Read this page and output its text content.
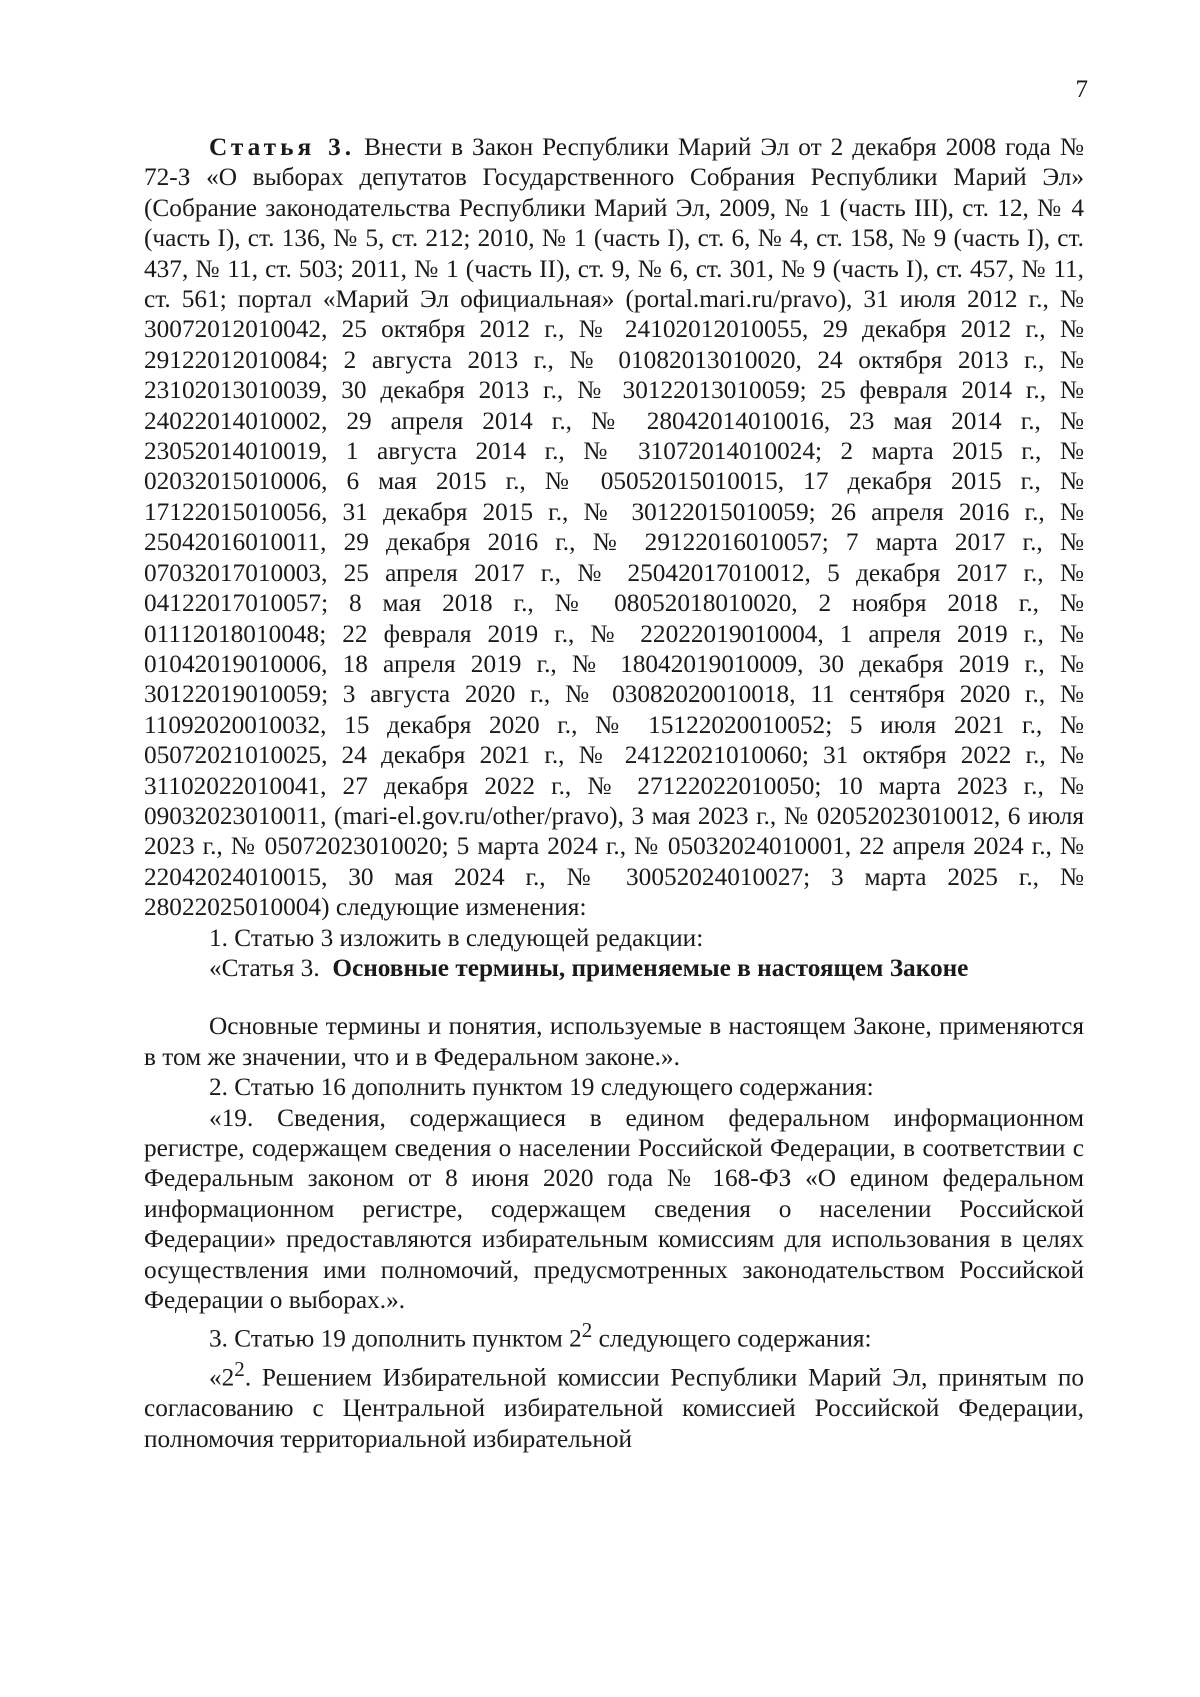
7

Статья 3. Внести в Закон Республики Марий Эл от 2 декабря 2008 года № 72-З «О выборах депутатов Государственного Собрания Республики Марий Эл» (Собрание законодательства Республики Марий Эл, 2009, № 1 (часть III), ст. 12, № 4 (часть I), ст. 136, № 5, ст. 212; 2010, № 1 (часть I), ст. 6, № 4, ст. 158, № 9 (часть I), ст. 437, № 11, ст. 503; 2011, № 1 (часть II), ст. 9, № 6, ст. 301, № 9 (часть I), ст. 457, № 11, ст. 561; портал «Марий Эл официальная» (portal.mari.ru/pravo), 31 июля 2012 г., № 30072012010042, 25 октября 2012 г., № 24102012010055, 29 декабря 2012 г., № 29122012010084; 2 августа 2013 г., № 01082013010020, 24 октября 2013 г., № 23102013010039, 30 декабря 2013 г., № 30122013010059; 25 февраля 2014 г., № 24022014010002, 29 апреля 2014 г., № 28042014010016, 23 мая 2014 г., № 23052014010019, 1 августа 2014 г., № 31072014010024; 2 марта 2015 г., № 02032015010006, 6 мая 2015 г., № 05052015010015, 17 декабря 2015 г., № 17122015010056, 31 декабря 2015 г., № 30122015010059; 26 апреля 2016 г., № 25042016010011, 29 декабря 2016 г., № 29122016010057; 7 марта 2017 г., № 07032017010003, 25 апреля 2017 г., № 25042017010012, 5 декабря 2017 г., № 04122017010057; 8 мая 2018 г., № 08052018010020, 2 ноября 2018 г., № 01112018010048; 22 февраля 2019 г., № 22022019010004, 1 апреля 2019 г., № 01042019010006, 18 апреля 2019 г., № 18042019010009, 30 декабря 2019 г., № 30122019010059; 3 августа 2020 г., № 03082020010018, 11 сентября 2020 г., № 11092020010032, 15 декабря 2020 г., № 15122020010052; 5 июля 2021 г., № 05072021010025, 24 декабря 2021 г., № 24122021010060; 31 октября 2022 г., № 31102022010041, 27 декабря 2022 г., № 27122022010050; 10 марта 2023 г., № 09032023010011, (mari-el.gov.ru/other/pravo), 3 мая 2023 г., № 02052023010012, 6 июля 2023 г., № 05072023010020; 5 марта 2024 г., № 05032024010001, 22 апреля 2024 г., № 22042024010015, 30 мая 2024 г., № 30052024010027; 3 марта 2025 г., № 28022025010004) следующие изменения:

1. Статью 3 изложить в следующей редакции:

«Статья 3. Основные термины, применяемые в настоящем Законе

Основные термины и понятия, используемые в настоящем Законе, применяются в том же значении, что и в Федеральном законе.».

2. Статью 16 дополнить пунктом 19 следующего содержания:

«19. Сведения, содержащиеся в едином федеральном информационном регистре, содержащем сведения о населении Российской Федерации, в соответствии с Федеральным законом от 8 июня 2020 года № 168-ФЗ «О едином федеральном информационном регистре, содержащем сведения о населении Российской Федерации» предоставляются избирательным комиссиям для использования в целях осуществления ими полномочий, предусмотренных законодательством Российской Федерации о выборах.».

3. Статью 19 дополнить пунктом $2^2$ следующего содержания:

«$2^2$. Решением Избирательной комиссии Республики Марий Эл, принятым по согласованию с Центральной избирательной комиссией Российской Федерации, полномочия территориальной избирательной
